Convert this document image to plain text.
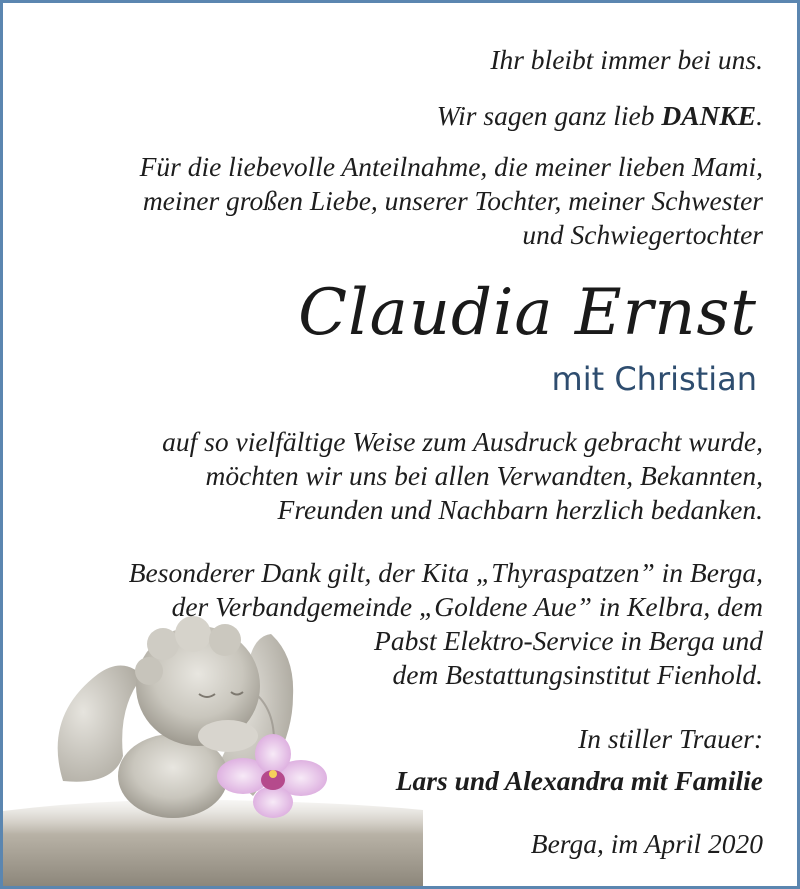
Ihr bleibt immer bei uns.
Wir sagen ganz lieb DANKE.
Für die liebevolle Anteilnahme, die meiner lieben Mami,
meiner großen Liebe, unserer Tochter, meiner Schwester
und Schwiegertochter
Claudia Ernst
mit Christian
auf so vielfältige Weise zum Ausdruck gebracht wurde,
möchten wir uns bei allen Verwandten, Bekannten,
Freunden und Nachbarn herzlich bedanken.
Besonderer Dank gilt, der Kita „Thyraspatzen” in Berga,
der Verbandgemeinde „Goldene Aue” in Kelbra, dem
Pabst Elektro-Service in Berga und
dem Bestattungsinstitut Fienhold.
In stiller Trauer:
Lars und Alexandra mit Familie
Berga, im April 2020
